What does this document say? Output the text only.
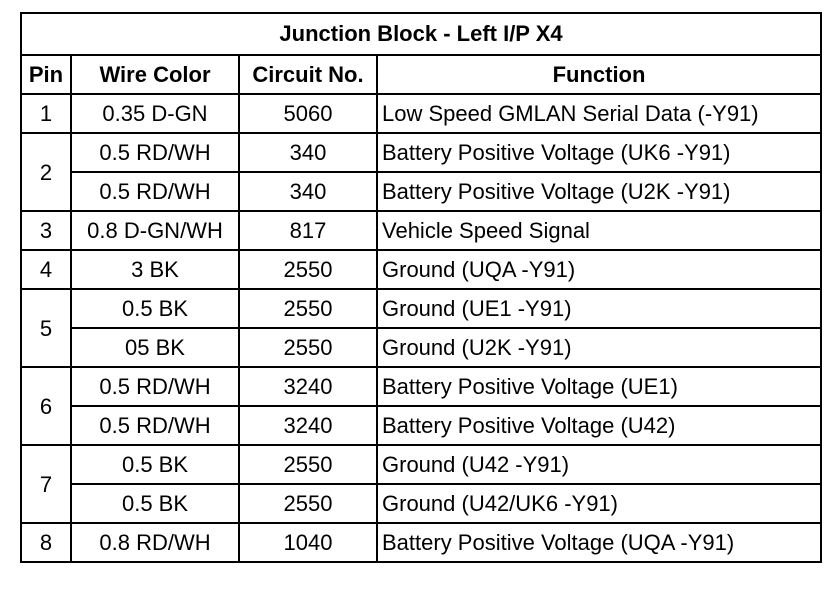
Junction Block - Left I/P X4			
Pin	Wire Color	Circuit No.	Function
1	0.35 D-GN	5060	Low Speed GMLAN Serial Data (-Y91)
2	0.5 RD/WH	340	Battery Positive Voltage (UK6 -Y91)
	0.5 RD/WH	340	Battery Positive Voltage (U2K -Y91)
3	0.8 D-GN/WH	817	Vehicle Speed Signal
4	3 BK	2550	Ground (UQA -Y91)
5	0.5 BK	2550	Ground (UE1 -Y91)
	05 BK	2550	Ground (U2K -Y91)
6	0.5 RD/WH	3240	Battery Positive Voltage (UE1)
	0.5 RD/WH	3240	Battery Positive Voltage (U42)
7	0.5 BK	2550	Ground (U42 -Y91)
	0.5 BK	2550	Ground (U42/UK6 -Y91)
8	0.8 RD/WH	1040	Battery Positive Voltage (UQA -Y91)
